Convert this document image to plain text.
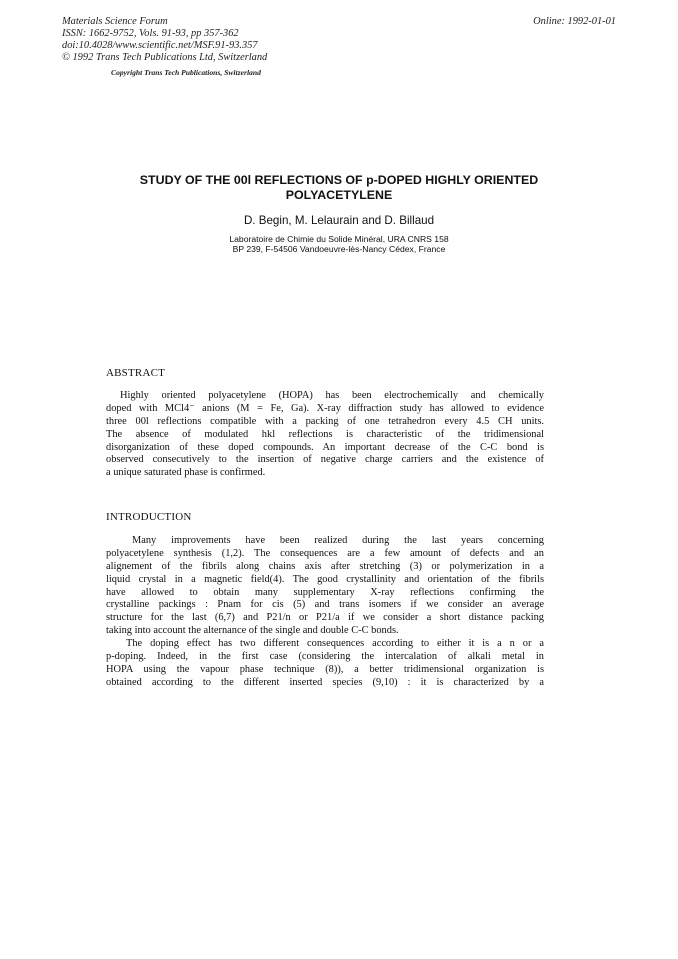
Materials Science Forum
ISSN: 1662-9752, Vols. 91-93, pp 357-362
doi:10.4028/www.scientific.net/MSF.91-93.357
© 1992 Trans Tech Publications Ltd, Switzerland
Online: 1992-01-01
Copyright Trans Tech Publications, Switzerland
STUDY OF THE 00l REFLECTIONS OF p-DOPED HIGHLY ORIENTED
POLYACETYLENE
D. Begin, M. Lelaurain and D. Billaud
Laboratoire de Chimie du Solide Minéral, URA CNRS 158
BP 239, F-54506 Vandoeuvre-lès-Nancy Cédex, France
ABSTRACT
Highly oriented polyacetylene (HOPA) has been electrochemically and chemically
doped with MCl4⁻ anions (M = Fe, Ga). X-ray diffraction study has allowed to evidence
three 00l reflections compatible with a packing of one tetrahedron every 4.5 CH units.
The absence of modulated hkl reflections is characteristic of the tridimensional
disorganization of these doped compounds. An important decrease of the C-C bond is
observed consecutively to the insertion of negative charge carriers and the existence of
a unique saturated phase is confirmed.
INTRODUCTION
Many improvements have been realized during the last years concerning
polyacetylene synthesis (1,2). The consequences are a few amount of defects and an
alignement of the fibrils along chains axis after stretching (3) or polymerization in a
liquid crystal in a magnetic field(4). The good crystallinity and orientation of the fibrils
have allowed to obtain many supplementary X-ray reflections confirming the
crystalline packings : Pnam for cis (5) and trans isomers if we consider an average
structure for the last (6,7) and P21/n or P21/a if we consider a short distance packing
taking into account the alternance of the single and double C-C bonds.
The doping effect has two different consequences according to either it is a n or a
p-doping. Indeed, in the first case (considering the intercalation of alkali metal in
HOPA using the vapour phase technique (8)), a better tridimensional organization is
obtained according to the different inserted species (9,10) : it is characterized by a
